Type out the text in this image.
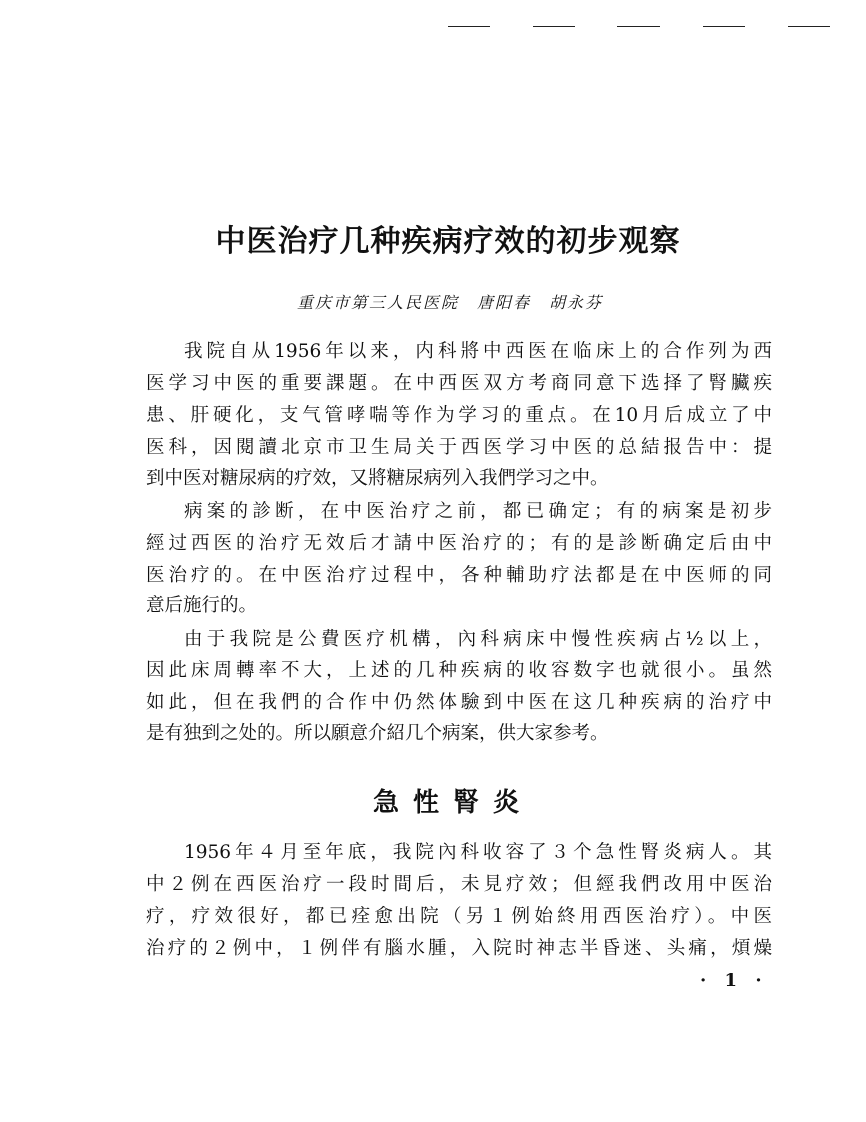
中医治疗几种疾病疗效的初步观察
重庆市第三人民医院　唐阳春　胡永芬
我院自从1956年以来，内科將中西医在临床上的合作列为西
医学习中医的重要課題。在中西医双方考商同意下选择了腎臟疾
患、肝硬化，支气管哮喘等作为学习的重点。在10月后成立了中
医科，因閱讀北京市卫生局关于西医学习中医的总結报告中：提
到中医对糖尿病的疗效，又將糖尿病列入我們学习之中。
病案的診断，在中医治疗之前，都已确定；有的病案是初步
經过西医的治疗无效后才請中医治疗的；有的是診断确定后由中
医治疗的。在中医治疗过程中，各种輔助疗法都是在中医师的同
意后施行的。
由于我院是公費医疗机構，內科病床中慢性疾病占½以上，
因此床周轉率不大，上述的几种疾病的收容数字也就很小。虽然
如此，但在我們的合作中仍然体驗到中医在这几种疾病的治疗中
是有独到之处的。所以願意介紹几个病案，供大家参考。
急性腎炎
1956年４月至年底，我院內科收容了３个急性腎炎病人。其
中２例在西医治疗一段时間后，未見疗效；但經我們改用中医治
疗，疗效很好，都已痊愈出院（另１例始終用西医治疗）。中医
治疗的２例中，１例伴有腦水腫，入院时神志半昏迷、头痛，煩燥
· 1 ·
